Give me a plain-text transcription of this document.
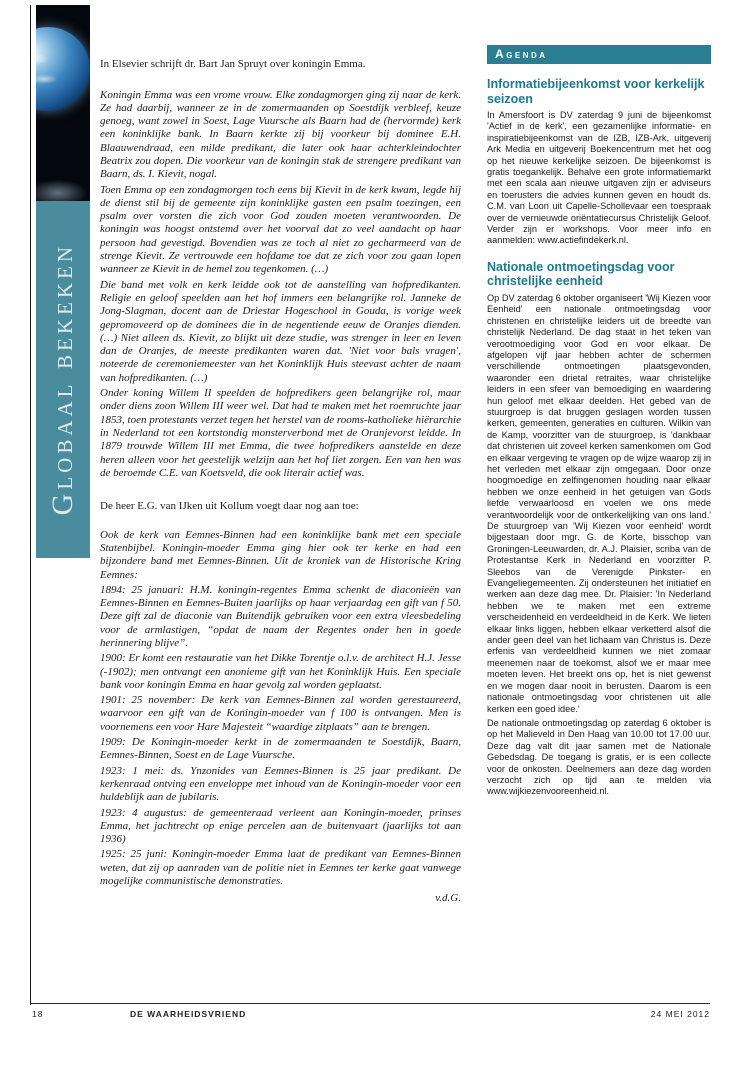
Globaal bekeken

In Elsevier schrijft dr. Bart Jan Spruyt over koningin Emma.

Koningin Emma was een vrome vrouw. Elke zondagmorgen ging zij naar de kerk. Ze had daarbij, wanneer ze in de zomermaanden op Soestdijk verbleef, keuze genoeg, want zowel in Soest, Lage Vuursche als Baarn had de (hervormde) kerk een koninklijke bank. In Baarn kerkte zij bij voorkeur bij dominee E.H. Blaauwendraad, een milde predikant, die later ook haar achterkleindochter Beatrix zou dopen. Die voorkeur van de koningin stak de strengere predikant van Baarn, ds. I. Kievit, nogal.

Toen Emma op een zondagmorgen toch eens bij Kievit in de kerk kwam, legde hij de dienst stil bij de gemeente zijn koninklijke gasten een psalm toezingen, een psalm over vorsten die zich voor God zouden moeten verantwoorden. De koningin was hoogst ontstemd over het voorval dat zo veel aandacht op haar persoon had gevestigd. Bovendien was ze toch al niet zo gecharmeerd van de strenge Kievit. Ze vertrouwde een hofdame toe dat ze zich voor zou gaan lopen wanneer ze Kievit in de hemel zou tegenkomen. (…)

Die band met volk en kerk leidde ook tot de aanstelling van hofpredikanten. Religie en geloof speelden aan het hof immers een belangrijke rol. Janneke de Jong-Slagman, docent aan de Driestar Hogeschool in Gouda, is vorige week gepromoveerd op de dominees die in de negentiende eeuw de Oranjes dienden. (…) Niet alleen ds. Kievit, zo blijkt uit deze studie, was strenger in leer en leven dan de Oranjes, de meeste predikanten waren dat. 'Niet voor bals vragen', noteerde de ceremoniemeester van het Koninklijk Huis steevast achter de naam van hofpredikanten. (…)

Onder koning Willem II speelden de hofpredikers geen belangrijke rol, maar onder diens zoon Willem III weer wel. Dat had te maken met het roemruchte jaar 1853, toen protestants verzet tegen het herstel van de rooms-katholieke hiërarchie in Nederland tot een kortstondig monsterverbond met de Oranjevorst leidde. In 1879 trouwde Willem III met Emma, die twee hofpredikers aanstelde en deze heren alleen voor het geestelijk welzijn aan het hof liet zorgen. Een van hen was de beroemde C.E. van Koetsveld, die ook literair actief was.

De heer E.G. van IJken uit Kollum voegt daar nog aan toe:

Ook de kerk van Eemnes-Binnen had een koninklijke bank met een speciale Statenbijbel. Koningin-moeder Emma ging hier ook ter kerke en had een bijzondere band met Eemnes-Binnen. Uit de kroniek van de Historische Kring Eemnes:

1894: 25 januari: H.M. koningin-regentes Emma schenkt de diaconieën van Eemnes-Binnen en Eemnes-Buiten jaarlijks op haar verjaardag een gift van f 50. Deze gift zal de diaconie van Buitendijk gebruiken voor een extra vleesbedeling voor de armlastigen, “opdat de naam der Regentes onder hen in goede herinnering blijve”.

1900: Er komt een restauratie van het Dikke Torentje o.l.v. de architect H.J. Jesse (-1902); men ontvangt een anonieme gift van het Koninklijk Huis. Een speciale bank voor koningin Emma en haar gevolg zal worden geplaatst.

1901: 25 november: De kerk van Eemnes-Binnen zal worden gerestaureerd, waarvoor een gift van de Koningin-moeder van f 100 is ontvangen. Men is voornemens een voor Hare Majesteit “waardige zitplaats” aan te brengen.

1909: De Koningin-moeder kerkt in de zomermaanden te Soestdijk, Baarn, Eemnes-Binnen, Soest en de Lage Vuursche.

1923: 1 mei: ds. Ynzonides van Eemnes-Binnen is 25 jaar predikant. De kerkenraad ontving een enveloppe met inhoud van de Koningin-moeder voor een huldeblijk aan de jubilaris.

1923: 4 augustus: de gemeenteraad verleent aan Koningin-moeder, prinses Emma, het jachtrecht op enige percelen aan de buitenvaart (jaarlijks tot aan 1936)

1925: 25 juni: Koningin-moeder Emma laat de predikant van Eemnes-Binnen weten, dat zij op aanraden van de politie niet in Eemnes ter kerke gaat vanwege mogelijke communistische demonstraties.

v.d.G.

Agenda
Informatiebijeenkomst voor kerkelijk seizoen

In Amersfoort is DV zaterdag 9 juni de bijeenkomst 'Actief in de kerk', een gezamenlijke informatie- en inspiratiebijeenkomst van de IZB, IZB-Ark, uitgeverij Ark Media en uitgeverij Boekencentrum met het oog op het nieuwe kerkelijke seizoen. De bijeenkomst is gratis toegankelijk. Behalve een grote informatiemarkt met een scala aan nieuwe uitgaven zijn er adviseurs en toerusters die advies kunnen geven en houdt ds. C.M. van Loon uit Capelle-Schollevaar een toespraak over de vernieuwde oriëntatiecursus Christelijk Geloof. Verder zijn er workshops. Voor meer info en aanmelden: www.actiefindekerk.nl.

Nationale ontmoetingsdag voor christelijke eenheid

Op DV zaterdag 6 oktober organiseert 'Wij Kiezen voor Eenheid' een nationale ontmoetingsdag voor christenen en christelijke leiders uit de breedte van christelijk Nederland. De dag staat in het teken van verootmoediging voor God en voor elkaar. De afgelopen vijf jaar hebben achter de schermen verschillende ontmoetingen plaatsgevonden, waaronder een drietal retraites, waar christelijke leiders in een sfeer van bemoediging en waardering hun geloof met elkaar deelden. Het gebed van de stuurgroep is dat bruggen geslagen worden tussen kerken, gemeenten, generaties en culturen. Wilkin van de Kamp, voorzitter van de stuurgroep, is 'dankbaar dat christenen uit zoveel kerken samenkomen om God en elkaar vergeving te vragen op de wijze waarop zij in het verleden met elkaar zijn omgegaan. Door onze hoogmoedige en zelfingenomen houding naar elkaar hebben we onze eenheid in het getuigen van Gods liefde verwaarloosd en voelen we ons mede verantwoordelijk voor de ontkerkelijking van ons land.' De stuurgroep van 'Wij Kiezen voor eenheid' wordt bijgestaan door mgr. G. de Korte, bisschop van Groningen-Leeuwarden, dr. A.J. Plaisier, scriba van de Protestantse Kerk in Nederland en voorzitter P. Sleebos van de Verenigde Pinkster- en Evangeliegemeenten. Zij ondersteunen het initiatief en werken aan deze dag mee. Dr. Plaisier: 'In Nederland hebben we te maken met een extreme verscheidenheid en verdeeldheid in de Kerk. We lieten elkaar links liggen, hebben elkaar verketterd alsof die ander geen deel van het lichaam van Christus is. Deze erfenis van verdeeldheid kunnen we niet zomaar meenemen naar de toekomst, alsof we er maar mee moeten leven. Het breekt ons op, het is niet gewenst en we mogen daar nooit in berusten. Daarom is een nationale ontmoetingsdag voor christenen uit alle kerken een goed idee.'

De nationale ontmoetingsdag op zaterdag 6 oktober is op het Malieveld in Den Haag van 10.00 tot 17.00 uur. Deze dag valt dit jaar samen met de Nationale Gebedsdag. De toegang is gratis, er is een collecte voor de onkosten. Deelnemers aan deze dag worden verzocht zich op tijd aan te melden via www.wijkiezenvooreenheid.nl.

18	DE WAARHEIDSVRIEND	24 MEI 2012
